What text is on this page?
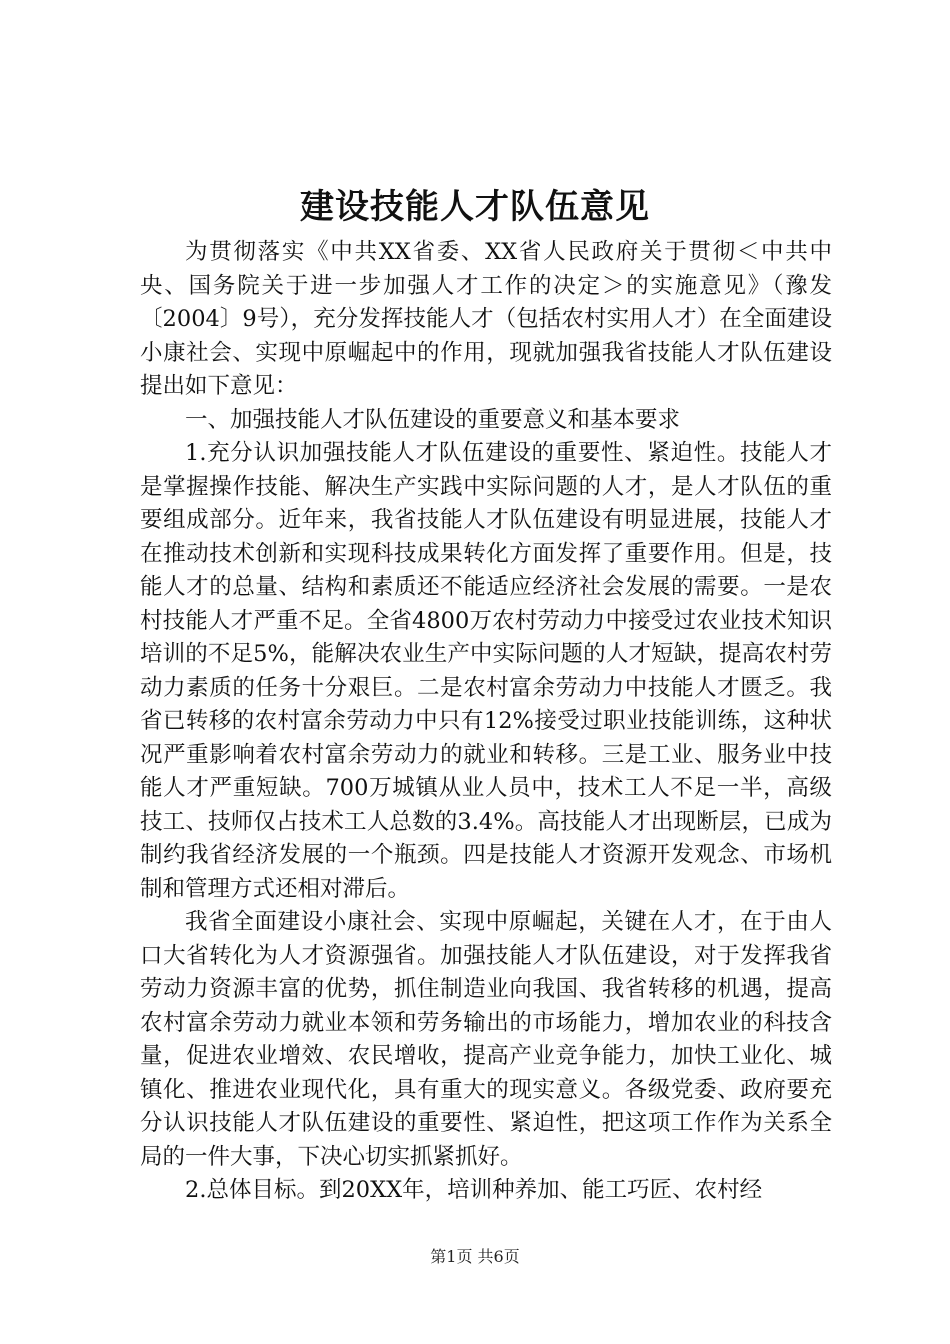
建设技能人才队伍意见

为贯彻落实《中共XX省委、XX省人民政府关于贯彻＜中共中央、国务院关于进一步加强人才工作的决定＞的实施意见》（豫发〔2004〕9号），充分发挥技能人才（包括农村实用人才）在全面建设小康社会、实现中原崛起中的作用，现就加强我省技能人才队伍建设提出如下意见：

一、加强技能人才队伍建设的重要意义和基本要求

1.充分认识加强技能人才队伍建设的重要性、紧迫性。技能人才是掌握操作技能、解决生产实践中实际问题的人才，是人才队伍的重要组成部分。近年来，我省技能人才队伍建设有明显进展，技能人才在推动技术创新和实现科技成果转化方面发挥了重要作用。但是，技能人才的总量、结构和素质还不能适应经济社会发展的需要。一是农村技能人才严重不足。全省4800万农村劳动力中接受过农业技术知识培训的不足5%，能解决农业生产中实际问题的人才短缺，提高农村劳动力素质的任务十分艰巨。二是农村富余劳动力中技能人才匮乏。我省已转移的农村富余劳动力中只有12%接受过职业技能训练，这种状况严重影响着农村富余劳动力的就业和转移。三是工业、服务业中技能人才严重短缺。700万城镇从业人员中，技术工人不足一半，高级技工、技师仅占技术工人总数的3.4%。高技能人才出现断层，已成为制约我省经济发展的一个瓶颈。四是技能人才资源开发观念、市场机制和管理方式还相对滞后。

我省全面建设小康社会、实现中原崛起，关键在人才，在于由人口大省转化为人才资源强省。加强技能人才队伍建设，对于发挥我省劳动力资源丰富的优势，抓住制造业向我国、我省转移的机遇，提高农村富余劳动力就业本领和劳务输出的市场能力，增加农业的科技含量，促进农业增效、农民增收，提高产业竞争能力，加快工业化、城镇化、推进农业现代化，具有重大的现实意义。各级党委、政府要充分认识技能人才队伍建设的重要性、紧迫性，把这项工作作为关系全局的一件大事，下决心切实抓紧抓好。

2.总体目标。到20XX年，培训种养加、能工巧匠、农村经

第1页 共6页
